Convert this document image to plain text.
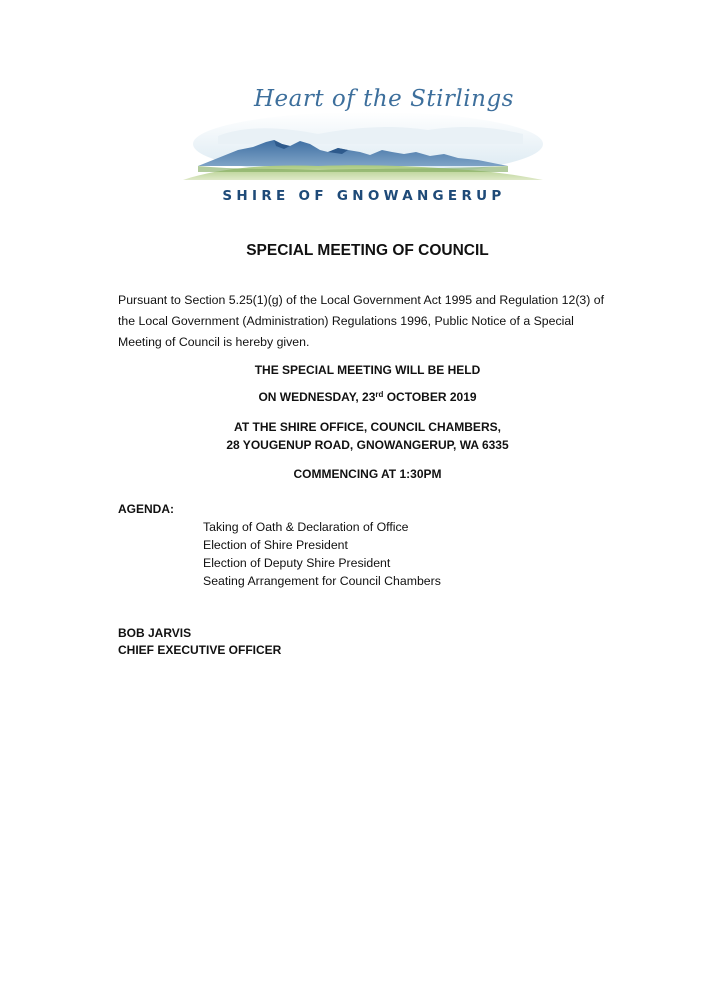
Heart of the Stirlings
SHIRE OF GNOWANGERUP
SPECIAL MEETING OF COUNCIL
Pursuant to Section 5.25(1)(g) of the Local Government Act 1995 and Regulation 12(3) of the Local Government (Administration) Regulations 1996, Public Notice of a Special Meeting of Council is hereby given.
THE SPECIAL MEETING WILL BE HELD
ON WEDNESDAY, 23rd OCTOBER 2019
AT THE SHIRE OFFICE, COUNCIL CHAMBERS,
28 YOUGENUP ROAD, GNOWANGERUP, WA 6335
COMMENCING AT 1:30PM
AGENDA:
Taking of Oath & Declaration of Office
Election of Shire President
Election of Deputy Shire President
Seating Arrangement for Council Chambers
BOB JARVIS
CHIEF EXECUTIVE OFFICER
